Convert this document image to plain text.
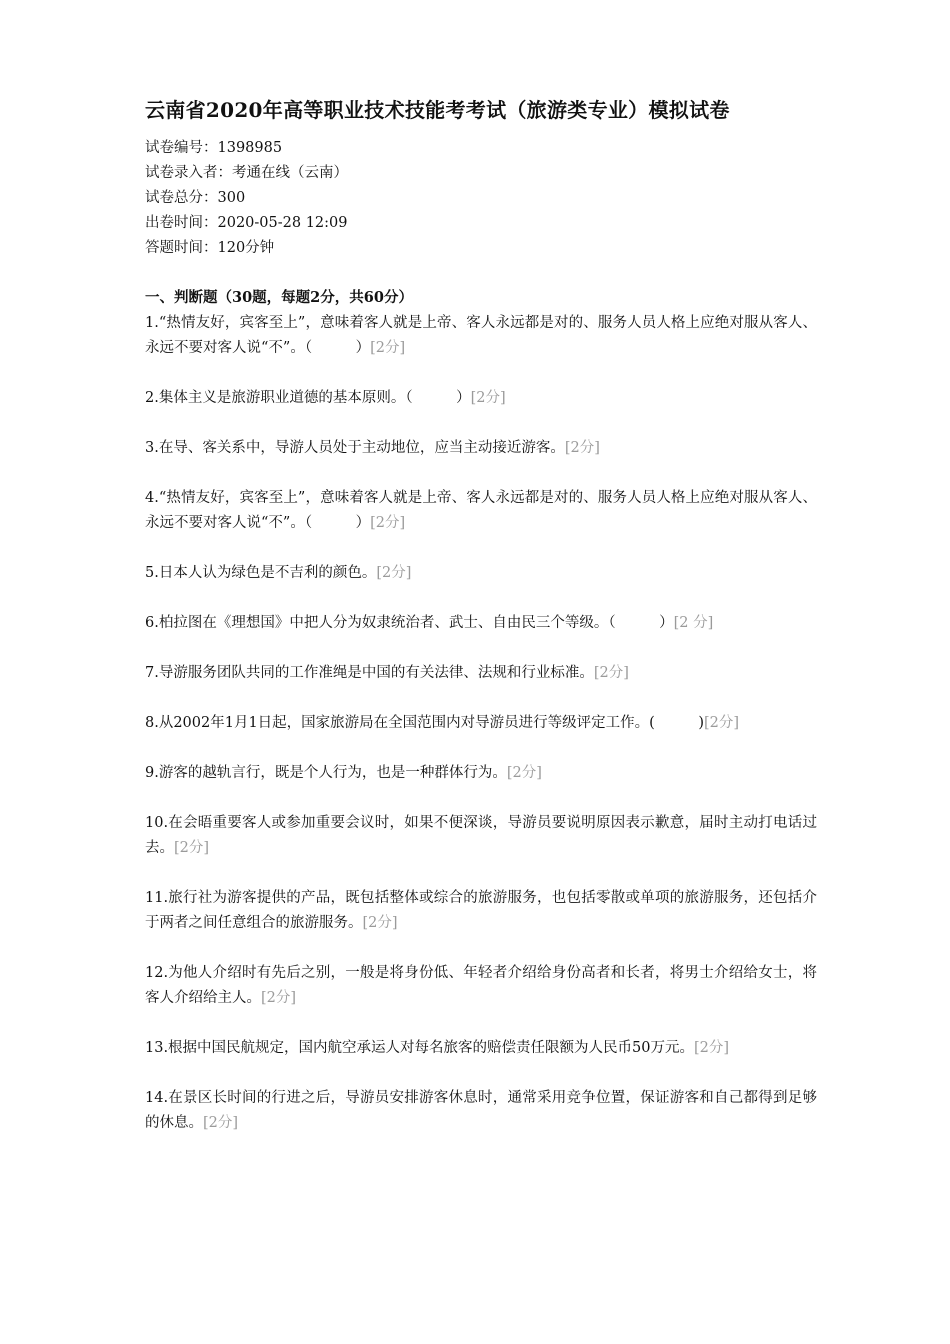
云南省2020年高等职业技术技能考考试（旅游类专业）模拟试卷
试卷编号：1398985
试卷录入者：考通在线（云南）
试卷总分：300
出卷时间：2020-05-28 12:09
答题时间：120分钟
一、判断题（30题，每题2分，共60分）
1.“热情友好，宾客至上”，意味着客人就是上帝、客人永远都是对的、服务人员人格上应绝对服从客人、永远不要对客人说“不”。（　　　）[2分]
2.集体主义是旅游职业道德的基本原则。（　　　）[2分]
3.在导、客关系中，导游人员处于主动地位，应当主动接近游客。[2分]
4.“热情友好，宾客至上”，意味着客人就是上帝、客人永远都是对的、服务人员人格上应绝对服从客人、永远不要对客人说“不”。（　　　）[2分]
5.日本人认为绿色是不吉利的颜色。[2分]
6.柏拉图在《理想国》中把人分为奴隶统治者、武士、自由民三个等级。（　　　）[2 分]
7.导游服务团队共同的工作准绳是中国的有关法律、法规和行业标准。[2分]
8.从2002年1月1日起，国家旅游局在全国范围内对导游员进行等级评定工作。(　　　)[2分]
9.游客的越轨言行，既是个人行为，也是一种群体行为。[2分]
10.在会晤重要客人或参加重要会议时，如果不便深谈，导游员要说明原因表示歉意，届时主动打电话过去。[2分]
11.旅行社为游客提供的产品，既包括整体或综合的旅游服务，也包括零散或单项的旅游服务，还包括介于两者之间任意组合的旅游服务。[2分]
12.为他人介绍时有先后之别，一般是将身份低、年轻者介绍给身份高者和长者，将男士介绍给女士，将客人介绍给主人。[2分]
13.根据中国民航规定，国内航空承运人对每名旅客的赔偿责任限额为人民币50万元。[2分]
14.在景区长时间的行进之后，导游员安排游客休息时，通常采用竞争位置，保证游客和自己都得到足够的休息。[2分]
